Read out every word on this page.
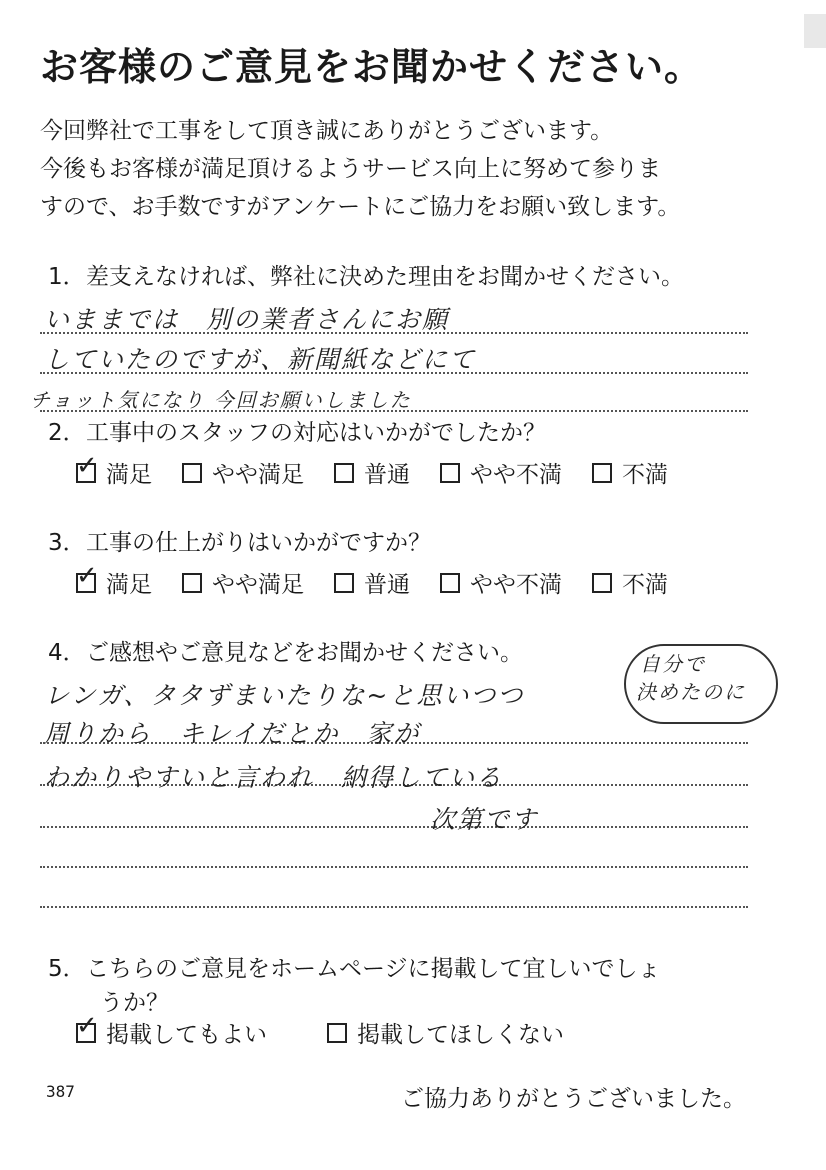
お客様のご意見をお聞かせください。
今回弊社で工事をして頂き誠にありがとうございます。
今後もお客様が満足頂けるようサービス向上に努めて参りま
すので、お手数ですがアンケートにご協力をお願い致します。
1．差支えなければ、弊社に決めた理由をお聞かせください。
いままでは　別の業者さんにお願
していたのですが、新聞紙などにて
チョット気になり 今回お願いしました
2．工事中のスタッフの対応はいかがでしたか？
✓ 満足	やや満足	普通	やや不満	不満
3．工事の仕上がりはいかがですか？
✓ 満足	やや満足	普通	やや不満	不満
4．ご感想やご意見などをお聞かせください。	自分で
決めたのに
レンガ、タタずまいたりな~と思いつつ
周りから　キレイだとか　家が
わかりやすいと言われ　納得している
次第です
5．こちらのご意見をホームページに掲載して宜しいでしょ
うか？
✓ 掲載してもよい	掲載してほしくない
387	ご協力ありがとうございました。
